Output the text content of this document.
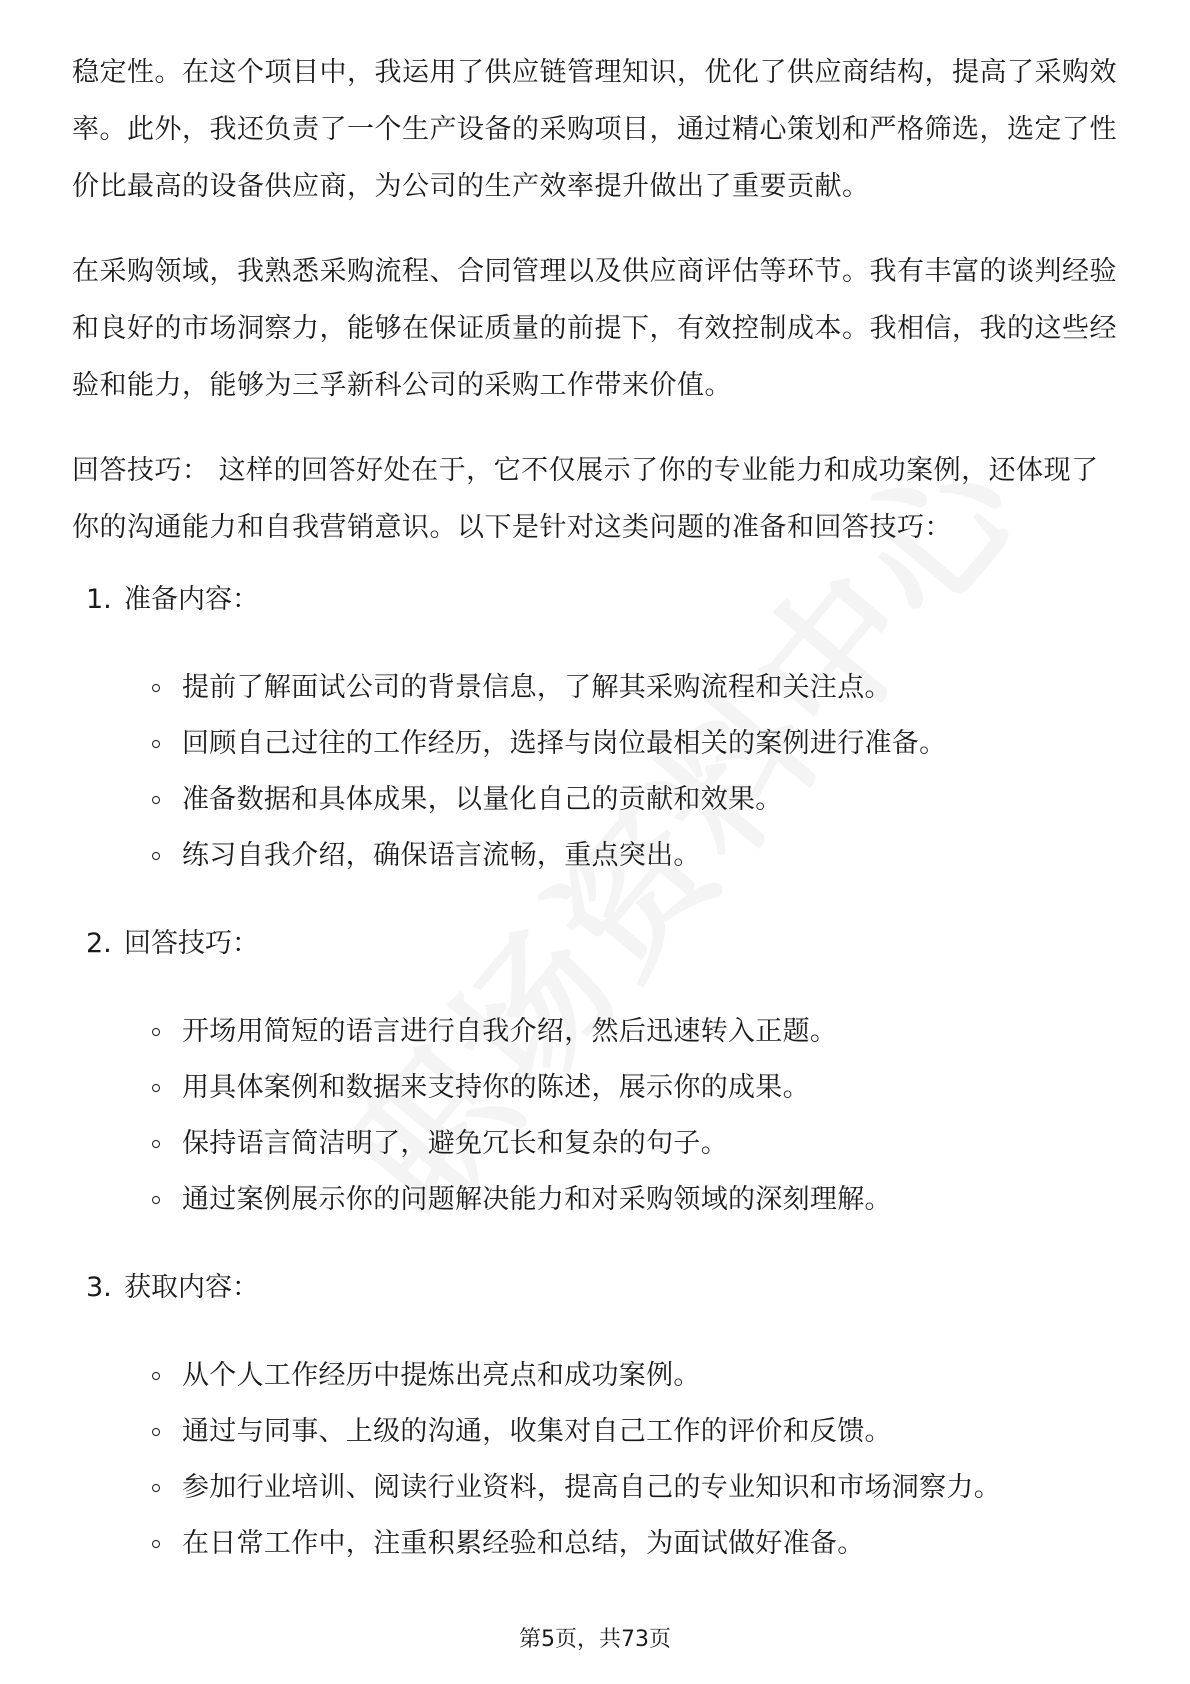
稳定性。在这个项目中，我运用了供应链管理知识，优化了供应商结构，提高了采购效率。此外，我还负责了一个生产设备的采购项目，通过精心策划和严格筛选，选定了性价比最高的设备供应商，为公司的生产效率提升做出了重要贡献。

在采购领域，我熟悉采购流程、合同管理以及供应商评估等环节。我有丰富的谈判经验和良好的市场洞察力，能够在保证质量的前提下，有效控制成本。我相信，我的这些经验和能力，能够为三孚新科公司的采购工作带来价值。

回答技巧： 这样的回答好处在于，它不仅展示了你的专业能力和成功案例，还体现了你的沟通能力和自我营销意识。以下是针对这类问题的准备和回答技巧：

1. 准备内容：
提前了解面试公司的背景信息，了解其采购流程和关注点。
回顾自己过往的工作经历，选择与岗位最相关的案例进行准备。
准备数据和具体成果，以量化自己的贡献和效果。
练习自我介绍，确保语言流畅，重点突出。
2. 回答技巧：
开场用简短的语言进行自我介绍，然后迅速转入正题。
用具体案例和数据来支持你的陈述，展示你的成果。
保持语言简洁明了，避免冗长和复杂的句子。
通过案例展示你的问题解决能力和对采购领域的深刻理解。
3. 获取内容：
从个人工作经历中提炼出亮点和成功案例。
通过与同事、上级的沟通，收集对自己工作的评价和反馈。
参加行业培训、阅读行业资料，提高自己的专业知识和市场洞察力。
在日常工作中，注重积累经验和总结，为面试做好准备。
第5页，共73页
